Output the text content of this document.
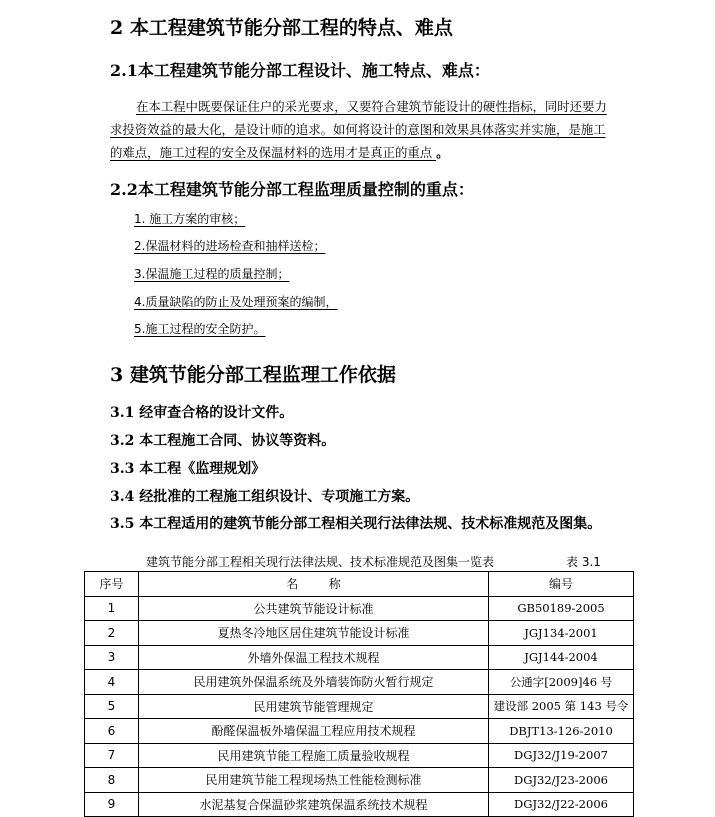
2 本工程建筑节能分部工程的特点、难点
2.1本工程建筑节能分部工程设计、施工特点、难点：
在本工程中既要保证住户的采光要求，又要符合建筑节能设计的硬性指标，同时还要力
求投资效益的最大化，是设计师的追求。如何将设计的意图和效果具体落实并实施，是施工
的难点，施工过程的安全及保温材料的选用才是真正的重点 。
2.2本工程建筑节能分部工程监理质量控制的重点：
1. 施工方案的审核；
2.保温材料的进场检查和抽样送检；
3.保温施工过程的质量控制；
4.质量缺陷的防止及处理预案的编制，
5.施工过程的安全防护。
3 建筑节能分部工程监理工作依据
3.1 经审查合格的设计文件。
3.2 本工程施工合同、协议等资料。
3.3 本工程《监理规划》
3.4 经批准的工程施工组织设计、专项施工方案。
3.5 本工程适用的建筑节能分部工程相关现行法律法规、技术标准规范及图集。
建筑节能分部工程相关现行法律法规、技术标准规范及图集一览表	表 3.1
序号	名        称	编号
1	公共建筑节能设计标准	GB50189-2005
2	夏热冬冷地区居住建筑节能设计标准	JGJ134-2001
3	外墙外保温工程技术规程	JGJ144-2004
4	民用建筑外保温系统及外墙装饰防火暂行规定	公通字[2009]46 号
5	民用建筑节能管理规定	建设部 2005 第 143 号令
6	酚醛保温板外墙保温工程应用技术规程	DBJT13-126-2010
7	民用建筑节能工程施工质量验收规程	DGJ32/J19-2007
8	民用建筑节能工程现场热工性能检测标准	DGJ32/J23-2006
9	水泥基复合保温砂浆建筑保温系统技术规程	DGJ32/J22-2006
